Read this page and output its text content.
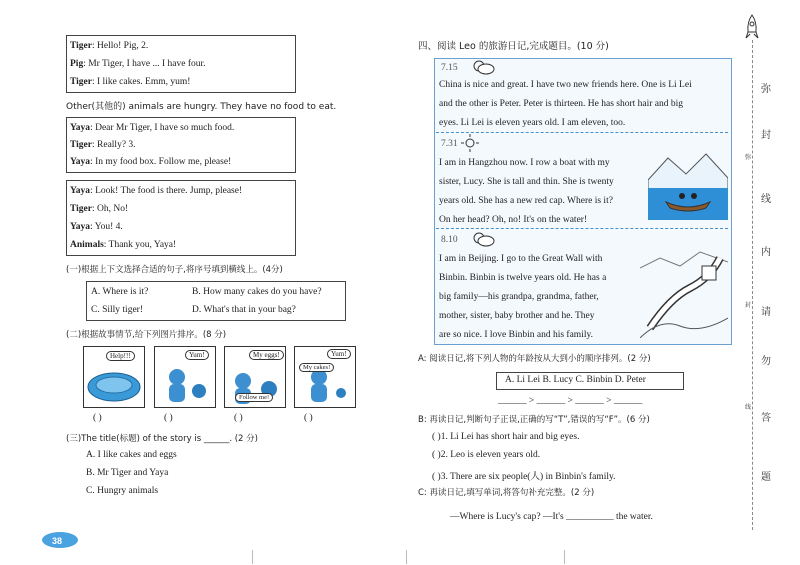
Tiger: Hello! Pig, 2.
Pig: Mr Tiger, I have ... I have four.
Tiger: I like cakes. Emm, yum!
Other(其他的) animals are hungry. They have no food to eat.
Yaya: Dear Mr Tiger, I have so much food.
Tiger: Really? 3.
Yaya: In my food box. Follow me, please!
Yaya: Look! The food is there. Jump, please!
Tiger: Oh, No!
Yaya: You! 4.
Animals: Thank you, Yaya!
(一)根据上下文选择合适的句子,将序号填到横线上。(4分)
A. Where is it?	B. How many cakes do you have?
C. Silly tiger!	D. What's that in your bag?
(二)根据故事情节,给下列图片排序。(8 分)
Help!!!	Yum!	My eggs!
Follow me!
Yum!
My cakes!
( )	( )	( )	( )
(三)The title(标题) of the story is ______. (2 分)
A. I like cakes and eggs
B. Mr Tiger and Yaya
C. Hungry animals
38
四、阅读 Leo 的旅游日记,完成题目。(10 分)
7.15
China is nice and great. I have two new friends here. One is Li Lei
and the other is Peter. Peter is thirteen. He has short hair and big
eyes. Li Lei is eleven years old. I am eleven, too.
7.31
I am in Hangzhou now. I row a boat with my
sister, Lucy. She is tall and thin. She is twenty
years old. She has a new red cap. Where is it?
On her head? Oh, no! It's on the water!
8.10
I am in Beijing. I go to the Great Wall with
Binbin. Binbin is twelve years old. He has a
big family—his grandpa, grandma, father,
mother, sister, baby brother and he. They
are so nice. I love Binbin and his family.
A: 阅读日记,将下列人物的年龄按从大到小的顺序排列。(2 分)
A. Li Lei B. Lucy C. Binbin D. Peter
______ > ______ > ______ > ______
B: 再读日记,判断句子正误,正确的写“T”,错误的写“F”。(6 分)
( )1. Li Lei has short hair and big eyes.
( )2. Leo is eleven years old.
( )3. There are six people(人) in Binbin's family.
C: 再读日记,填写单词,将答句补充完整。(2 分)
—Where is Lucy's cap? —It's __________ the water.
弥
封
线
内
请
勿
答
题
弥
封
线
